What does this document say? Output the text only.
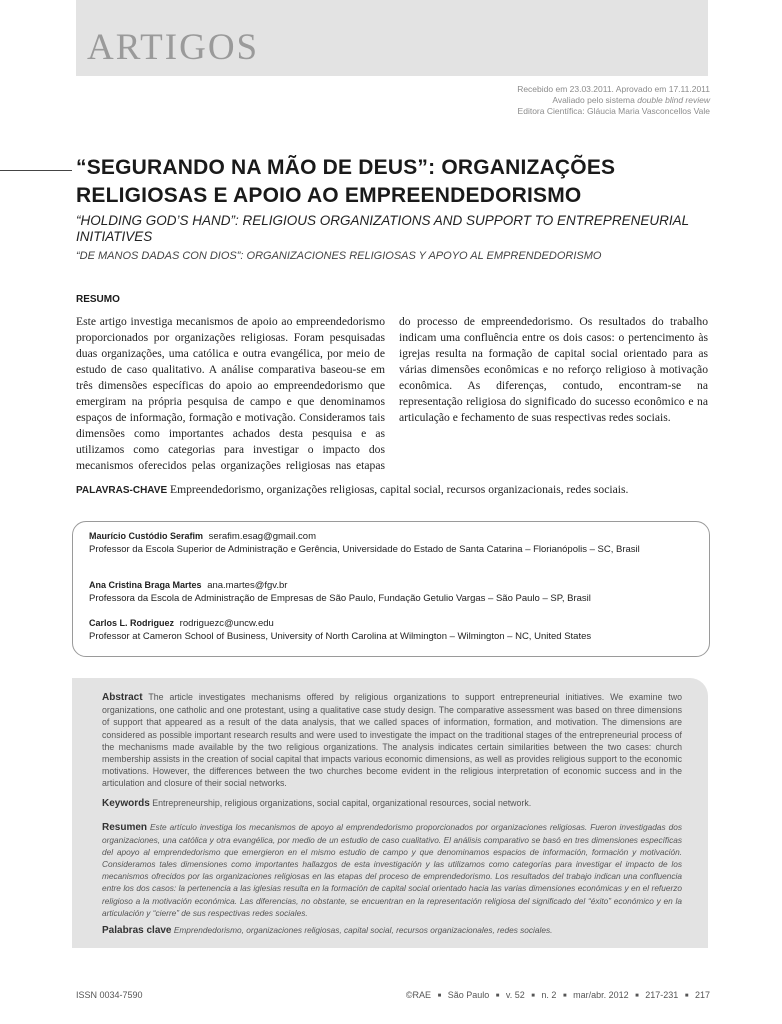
ARTIGOS
Recebido em 23.03.2011. Aprovado em 17.11.2011
Avaliado pelo sistema double blind review
Editora Científica: Gláucia Maria Vasconcellos Vale
“SEGURANDO NA MÃO DE DEUS”: ORGANIZAÇÕES RELIGIOSAS E APOIO AO EMPREENDEDORISMO
“HOLDING GOD’S HAND”: RELIGIOUS ORGANIZATIONS AND SUPPORT TO ENTREPRENEURIAL INITIATIVES
“DE MANOS DADAS CON DIOS”: ORGANIZACIONES RELIGIOSAS Y APOYO AL EMPRENDEDORISMO
RESUMO
Este artigo investiga mecanismos de apoio ao empreendedorismo proporcionados por organizações religiosas. Foram pesquisadas duas organizações, uma católica e outra evangélica, por meio de estudo de caso qualitativo. A análise comparativa baseou-se em três dimensões específicas do apoio ao empreendedorismo que emergiram na própria pesquisa de campo e que denominamos espaços de informação, formação e motivação. Consideramos tais dimensões como importantes achados desta pesquisa e as utilizamos como categorias para investigar o impacto dos mecanismos oferecidos pelas organizações religiosas nas etapas do processo de empreendedorismo. Os resultados do trabalho indicam uma confluência entre os dois casos: o pertencimento às igrejas resulta na formação de capital social orientado para as várias dimensões econômicas e no reforço religioso à motivação econômica. As diferenças, contudo, encontram-se na representação religiosa do significado do sucesso econômico e na articulação e fechamento de suas respectivas redes sociais.
PALAVRAS-CHAVE Empreendedorismo, organizações religiosas, capital social, recursos organizacionais, redes sociais.
Maurício Custódio Serafim serafim.esag@gmail.com
Professor da Escola Superior de Administração e Gerência, Universidade do Estado de Santa Catarina – Florianópolis – SC, Brasil
Ana Cristina Braga Martes ana.martes@fgv.br
Professora da Escola de Administração de Empresas de São Paulo, Fundação Getulio Vargas – São Paulo – SP, Brasil
Carlos L. Rodriguez rodriguezc@uncw.edu
Professor at Cameron School of Business, University of North Carolina at Wilmington – Wilmington – NC, United States
Abstract The article investigates mechanisms offered by religious organizations to support entrepreneurial initiatives. We examine two organizations, one catholic and one protestant, using a qualitative case study design. The comparative assessment was based on three dimensions of support that appeared as a result of the data analysis, that we called spaces of information, formation, and motivation. The dimensions are considered as possible important research results and were used to investigate the impact on the traditional stages of the entrepreneurial process of the mechanisms made available by the two religious organizations. The analysis indicates certain similarities between the two cases: church membership assists in the creation of social capital that impacts various economic dimensions, as well as provides religious support to the economic motivations. However, the differences between the two churches become evident in the religious interpretation of economic success and in the articulation and closure of their social networks.
Keywords Entrepreneurship, religious organizations, social capital, organizational resources, social network.
Resumen Este artículo investiga los mecanismos de apoyo al emprendedorismo proporcionados por organizaciones religiosas. Fueron investigadas dos organizaciones, una católica y otra evangélica, por medio de un estudio de caso cualitativo. El análisis comparativo se basó en tres dimensiones específicas del apoyo al emprendedorismo que emergieron en el mismo estudio de campo y que denominamos espacios de información, formación y motivación. Consideramos tales dimensiones como importantes hallazgos de esta investigación y las utilizamos como categorías para investigar el impacto de los mecanismos ofrecidos por las organizaciones religiosas en las etapas del proceso de emprendedorismo. Los resultados del trabajo indican una confluencia entre los dos casos: la pertenencia a las iglesias resulta en la formación de capital social orientado hacia las varias dimensiones económicas y en el refuerzo religioso a la motivación económica. Las diferencias, no obstante, se encuentran en la representación religiosa del significado del “éxito” económico y en la articulación y “cierre” de sus respectivas redes sociales.
Palabras clave Emprendedorismo, organizaciones religiosas, capital social, recursos organizacionales, redes sociales.
ISSN 0034-7590	©RAE ■ São Paulo ■ v. 52 ■ n. 2 ■ mar/abr. 2012 ■ 217-231 ■ 217
